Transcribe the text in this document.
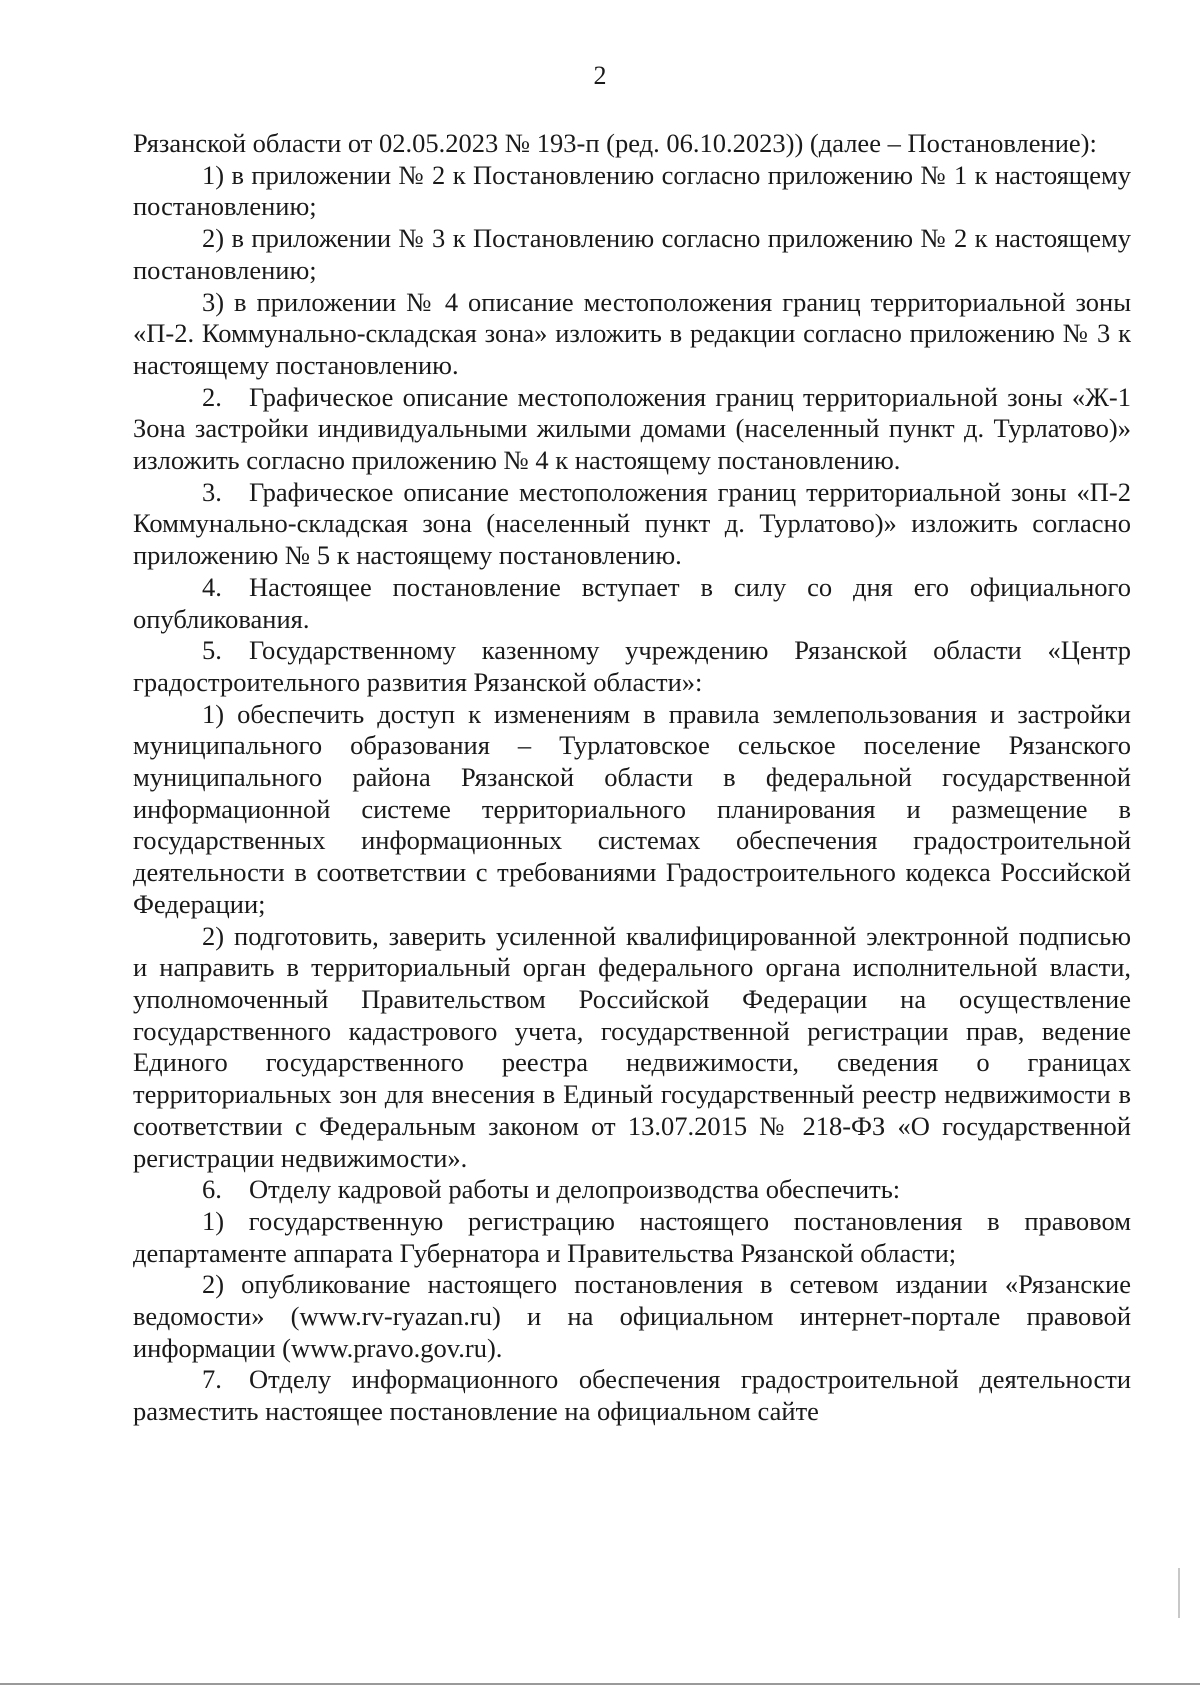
2

Рязанской области от 02.05.2023 № 193-п (ред. 06.10.2023)) (далее – Постановление):

1) в приложении № 2 к Постановлению согласно приложению № 1 к настоящему постановлению;

2) в приложении № 3 к Постановлению согласно приложению № 2 к настоящему постановлению;

3) в приложении № 4 описание местоположения границ территориальной зоны «П-2. Коммунально-складская зона» изложить в редакции согласно приложению № 3 к настоящему постановлению.

2. Графическое описание местоположения границ территориальной зоны «Ж-1 Зона застройки индивидуальными жилыми домами (населенный пункт д. Турлатово)» изложить согласно приложению № 4 к настоящему постановлению.

3. Графическое описание местоположения границ территориальной зоны «П-2 Коммунально-складская зона (населенный пункт д. Турлатово)» изложить согласно приложению № 5 к настоящему постановлению.

4. Настоящее постановление вступает в силу со дня его официального опубликования.

5. Государственному казенному учреждению Рязанской области «Центр градостроительного развития Рязанской области»:

1) обеспечить доступ к изменениям в правила землепользования и застройки муниципального образования – Турлатовское сельское поселение Рязанского муниципального района Рязанской области в федеральной государственной информационной системе территориального планирования и размещение в государственных информационных системах обеспечения градостроительной деятельности в соответствии с требованиями Градостроительного кодекса Российской Федерации;

2) подготовить, заверить усиленной квалифицированной электронной подписью и направить в территориальный орган федерального органа исполнительной власти, уполномоченный Правительством Российской Федерации на осуществление государственного кадастрового учета, государственной регистрации прав, ведение Единого государственного реестра недвижимости, сведения о границах территориальных зон для внесения в Единый государственный реестр недвижимости в соответствии с Федеральным законом от 13.07.2015 № 218-ФЗ «О государственной регистрации недвижимости».

6. Отделу кадровой работы и делопроизводства обеспечить:

1) государственную регистрацию настоящего постановления в правовом департаменте аппарата Губернатора и Правительства Рязанской области;

2) опубликование настоящего постановления в сетевом издании «Рязанские ведомости» (www.rv-ryazan.ru) и на официальном интернет-портале правовой информации (www.pravo.gov.ru).

7. Отделу информационного обеспечения градостроительной деятельности разместить настоящее постановление на официальном сайте
